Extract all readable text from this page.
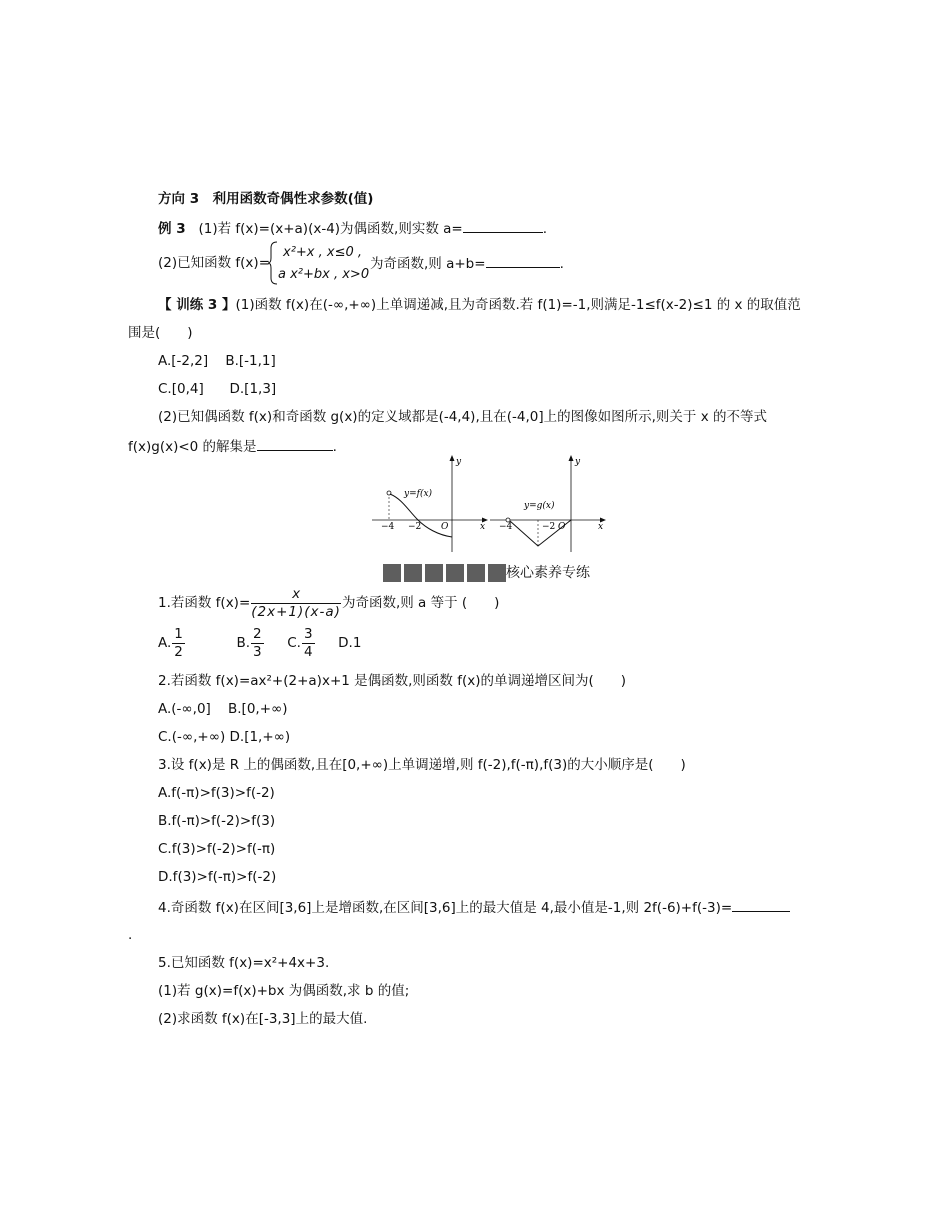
方向 3　利用函数奇偶性求参数(值)
例 3 (1)若 f(x)=(x+a)(x-4)为偶函数,则实数 a=	.
(2)已知函数 f(x)=
x²+x , x≤0 ,
a x²+bx , x>0
为奇函数,则 a+b=	.
【 训练 3 】(1)函数 f(x)在(-∞,+∞)上单调递减,且为奇函数.若 f(1)=-1,则满足-1≤f(x-2)≤1 的 x 的取值范
围是(　　)
A.[-2,2] B.[-1,1]
C.[0,4] D.[1,3]
(2)已知偶函数 f(x)和奇函数 g(x)的定义域都是(-4,4),且在(-4,0]上的图像如图所示,则关于 x 的不等式
f(x)g(x)<0 的解集是	.
y=f(x)
−4 −2 O	x
y
y=g(x)
−4	−2 O	x
y
核心素养专练
1.若函数 $f(x)= \frac{x}{(2x+1)(x-a)}$ 为奇函数,则 a 等于 (　　)
A. $\frac{1}{2}$	B. $\frac{2}{3} C$. $\frac{3}{4} D.1$
2.若函数 f(x)=ax²+(2+a)x+1 是偶函数,则函数 f(x)的单调递增区间为(　　)
A.(-∞,0] B.[0,+∞)
C.(-∞,+∞) D.[1,+∞)
3.设 f(x)是 R 上的偶函数,且在[0,+∞)上单调递增,则 f(-2),f(-π),f(3)的大小顺序是(　　)
A.f(-π)>f(3)>f(-2)
B.f(-π)>f(-2)>f(3)
C.f(3)>f(-2)>f(-π)
D.f(3)>f(-π)>f(-2)
4.奇函数 f(x)在区间[3,6]上是增函数,在区间[3,6]上的最大值是 4,最小值是-1,则 2f(-6)+f(-3)=
.
5.已知函数 f(x)=x²+4x+3.
(1)若 g(x)=f(x)+bx 为偶函数,求 b 的值;
(2)求函数 f(x)在[-3,3]上的最大值.
